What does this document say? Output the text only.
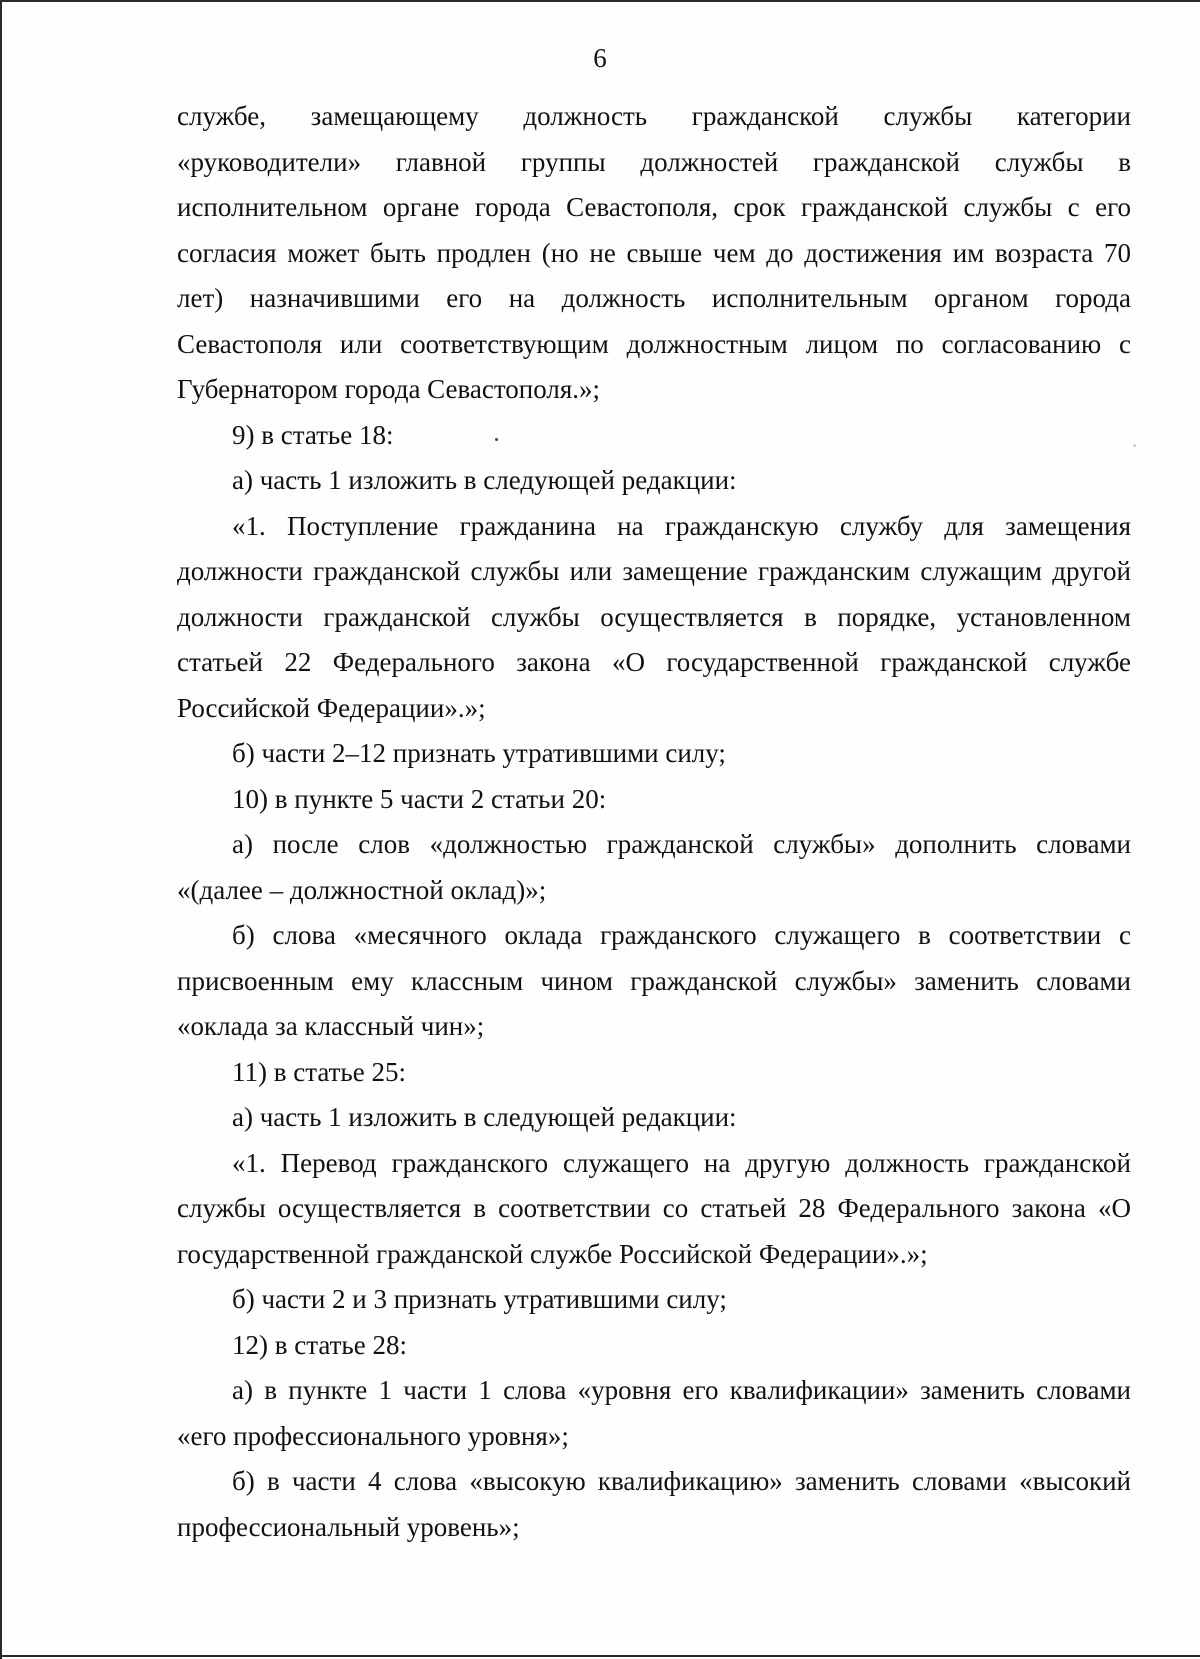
6

службе, замещающему должность гражданской службы категории «руководители» главной группы должностей гражданской службы в исполнительном органе города Севастополя, срок гражданской службы с его согласия может быть продлен (но не свыше чем до достижения им возраста 70 лет) назначившими его на должность исполнительным органом города Севастополя или соответствующим должностным лицом по согласованию с Губернатором города Севастополя.»;

9) в статье 18:

а) часть 1 изложить в следующей редакции:

«1. Поступление гражданина на гражданскую службу для замещения должности гражданской службы или замещение гражданским служащим другой должности гражданской службы осуществляется в порядке, установленном статьей 22 Федерального закона «О государственной гражданской службе Российской Федерации».»;

б) части 2–12 признать утратившими силу;

10) в пункте 5 части 2 статьи 20:

а) после слов «должностью гражданской службы» дополнить словами «(далее – должностной оклад)»;

б) слова «месячного оклада гражданского служащего в соответствии с присвоенным ему классным чином гражданской службы» заменить словами «оклада за классный чин»;

11) в статье 25:

а) часть 1 изложить в следующей редакции:

«1. Перевод гражданского служащего на другую должность гражданской службы осуществляется в соответствии со статьей 28 Федерального закона «О государственной гражданской службе Российской Федерации».»;

б) части 2 и 3 признать утратившими силу;

12) в статье 28:

а) в пункте 1 части 1 слова «уровня его квалификации» заменить словами «его профессионального уровня»;

б) в части 4 слова «высокую квалификацию» заменить словами «высокий профессиональный уровень»;
